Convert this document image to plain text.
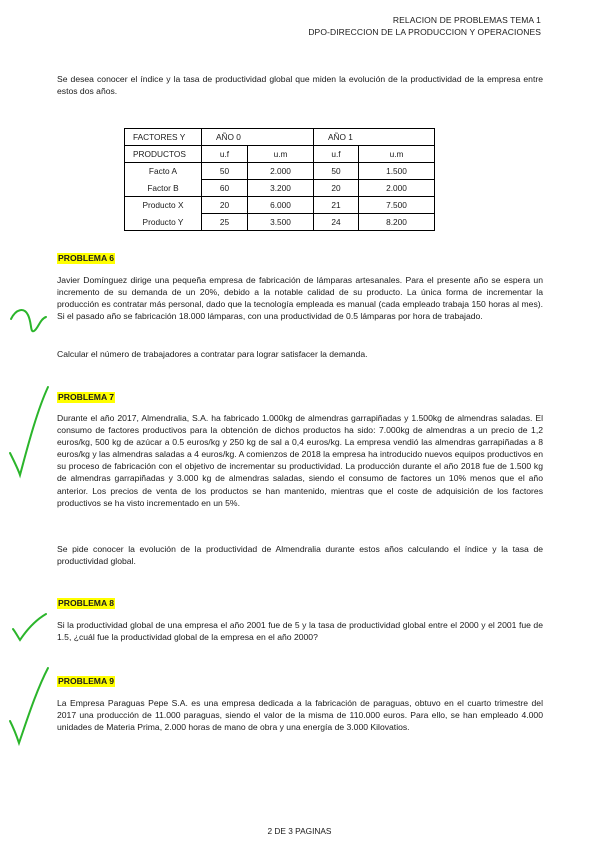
RELACION DE PROBLEMAS TEMA 1
DPO-DIRECCION DE LA PRODUCCION Y OPERACIONES

Se desea conocer el índice y la tasa de productividad global que miden la evolución de la productividad de la empresa entre estos dos años.

FACTORES Y	AÑO 0		AÑO 1	
PRODUCTOS	u.f	u.m	u.f	u.m
Facto A	50	2.000	50	1.500
Factor B	60	3.200	20	2.000
Producto X	20	6.000	21	7.500
Producto Y	25	3.500	24	8.200
PROBLEMA 6

Javier Domínguez dirige una pequeña empresa de fabricación de lámparas artesanales. Para el presente año se espera un incremento de su demanda de un 20%, debido a la notable calidad de su producto. La única forma de incrementar la producción es contratar más personal, dado que la tecnología empleada es manual (cada empleado trabaja 150 horas al mes). Si el pasado año se fabricación 18.000 lámparas, con una productividad de 0.5 lámparas por hora de trabajado.

Calcular el número de trabajadores a contratar para lograr satisfacer la demanda.

PROBLEMA 7

Durante el año 2017, Almendralia, S.A. ha fabricado 1.000kg de almendras garrapiñadas y 1.500kg de almendras saladas. El consumo de factores productivos para la obtención de dichos productos ha sido: 7.000kg de almendras a un precio de 1,2 euros/kg, 500 kg de azúcar a 0.5 euros/kg y 250 kg de sal a 0,4 euros/kg. La empresa vendió las almendras garrapiñadas a 8 euros/kg y las almendras saladas a 4 euros/kg. A comienzos de 2018 la empresa ha introducido nuevos equipos productivos en su proceso de fabricación con el objetivo de incrementar su productividad. La producción durante el año 2018 fue de 1.500 kg de almendras garrapiñadas y 3.000 kg de almendras saladas, siendo el consumo de factores un 10% menos que el año anterior. Los precios de venta de los productos se han mantenido, mientras que el coste de adquisición de los factores productivos se ha visto incrementado en un 5%.

Se pide conocer la evolución de la productividad de Almendralia durante estos años calculando el índice y la tasa de productividad global.

PROBLEMA 8

Si la productividad global de una empresa el año 2001 fue de 5 y la tasa de productividad global entre el 2000 y el 2001 fue de 1.5, ¿cuál fue la productividad global de la empresa en el año 2000?

PROBLEMA 9

La Empresa Paraguas Pepe S.A. es una empresa dedicada a la fabricación de paraguas, obtuvo en el cuarto trimestre del 2017 una producción de 11.000 paraguas, siendo el valor de la misma de 110.000 euros. Para ello, se han empleado 4.000 unidades de Materia Prima, 2.000 horas de mano de obra y una energía de 3.000 Kilovatios.

2 DE 3 PAGINAS
